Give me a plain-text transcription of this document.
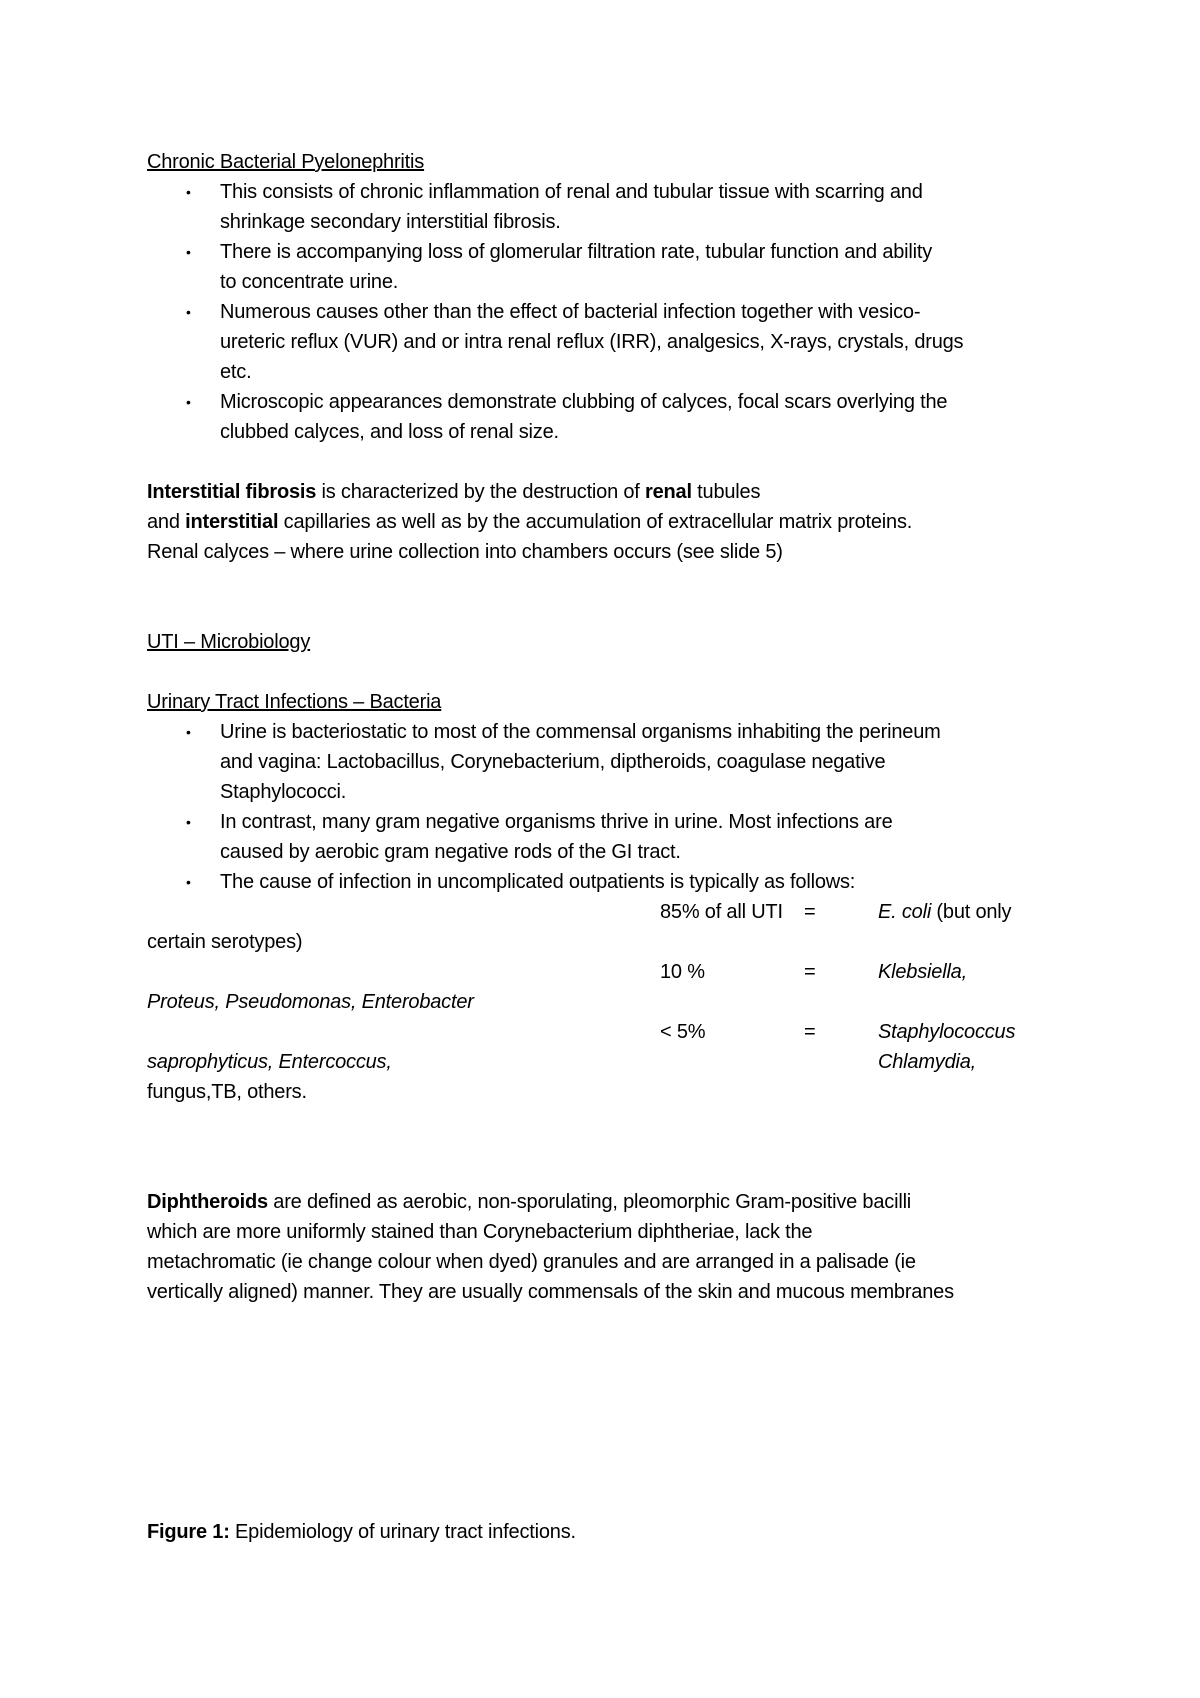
Chronic Bacterial Pyelonephritis
• This consists of chronic inflammation of renal and tubular tissue with scarring and
shrinkage secondary interstitial fibrosis.
• There is accompanying loss of glomerular filtration rate, tubular function and ability
to concentrate urine.
• Numerous causes other than the effect of bacterial infection together with vesico-
ureteric reflux (VUR) and or intra renal reflux (IRR), analgesics, X-rays, crystals, drugs
etc.
• Microscopic appearances demonstrate clubbing of calyces, focal scars overlying the
clubbed calyces, and loss of renal size.
Interstitial fibrosis is characterized by the destruction of renal tubules
and interstitial capillaries as well as by the accumulation of extracellular matrix proteins.
Renal calyces – where urine collection into chambers occurs (see slide 5)
UTI – Microbiology
Urinary Tract Infections – Bacteria
• Urine is bacteriostatic to most of the commensal organisms inhabiting the perineum
and vagina: Lactobacillus, Corynebacterium, diptheroids, coagulase negative
Staphylococci.
• In contrast, many gram negative organisms thrive in urine. Most infections are
caused by aerobic gram negative rods of the GI tract.
• The cause of infection in uncomplicated outpatients is typically as follows:
85% of all UTI =	E. coli (but only
certain serotypes)
10 %	=	Klebsiella,
Proteus, Pseudomonas, Enterobacter
< 5%	=	Staphylococcus
saprophyticus, Entercoccus,	Chlamydia,
fungus,TB, others.
Diphtheroids are defined as aerobic, non-sporulating, pleomorphic Gram-positive bacilli
which are more uniformly stained than Corynebacterium diphtheriae, lack the
metachromatic (ie change colour when dyed) granules and are arranged in a palisade (ie
vertically aligned) manner. They are usually commensals of the skin and mucous membranes
Figure 1: Epidemiology of urinary tract infections.
